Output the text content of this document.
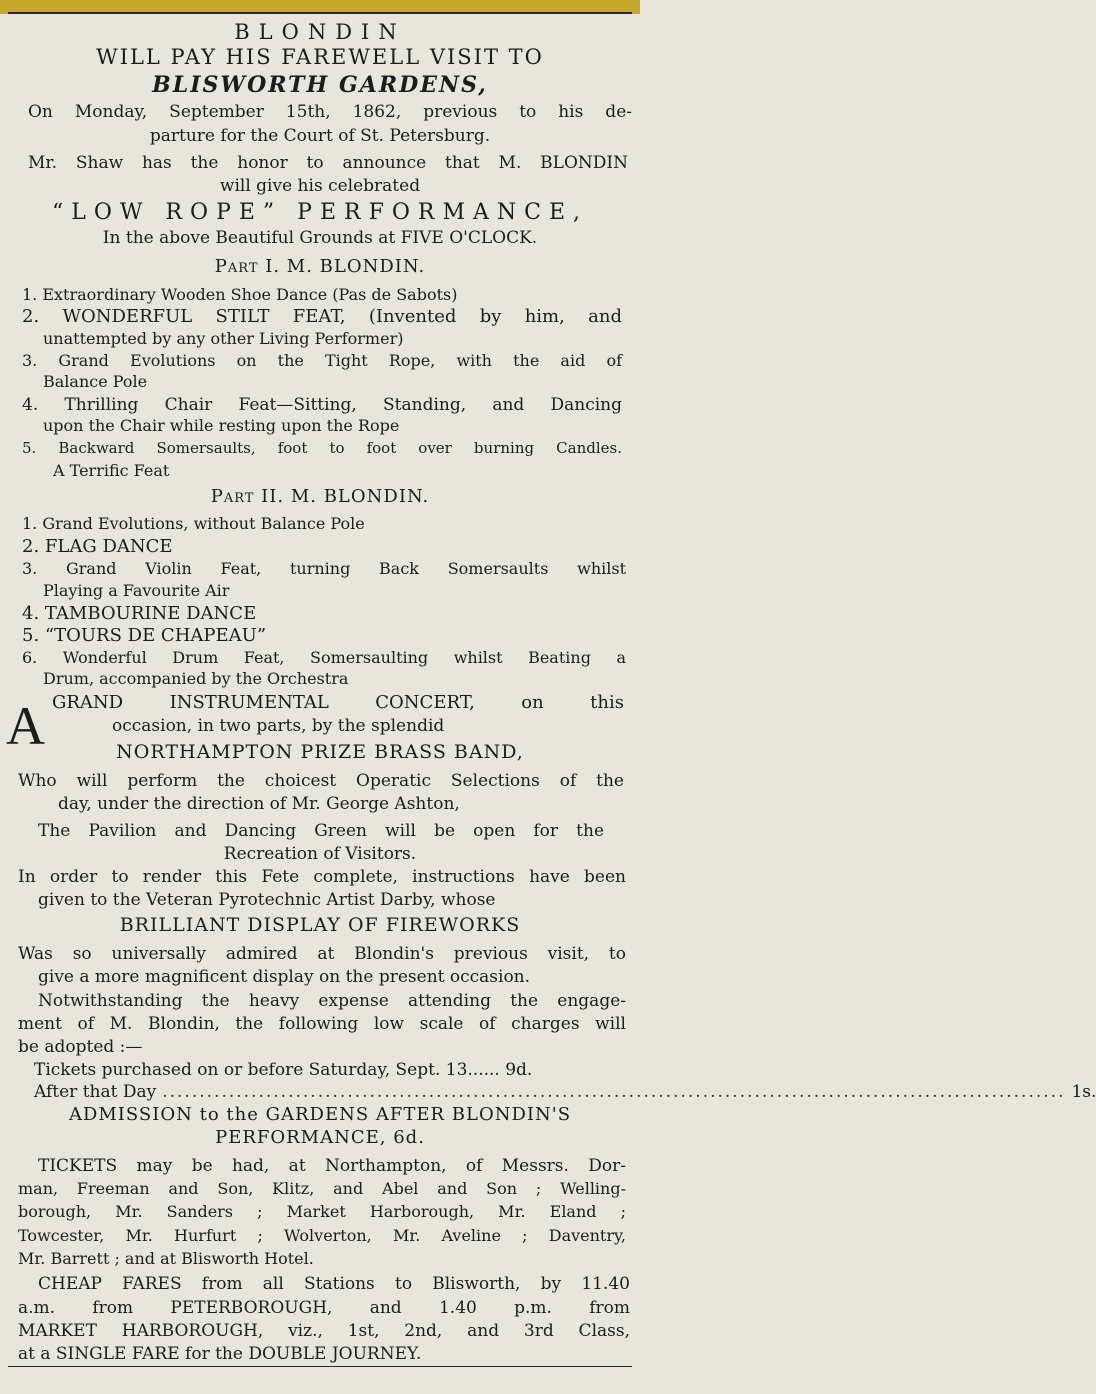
BLONDIN
WILL PAY HIS FAREWELL VISIT TO
BLISWORTH GARDENS,
On Monday, September 15th, 1862, previous to his de-
parture for the Court of St. Petersburg.
Mr. Shaw has the honor to announce that M. BLONDIN
will give his celebrated
“LOW ROPE” PERFORMANCE,
In the above Beautiful Grounds at FIVE O'CLOCK.
Part I. M. BLONDIN.
1. Extraordinary Wooden Shoe Dance (Pas de Sabots)
2. WONDERFUL STILT FEAT, (Invented by him, and
unattempted by any other Living Performer)
3. Grand Evolutions on the Tight Rope, with the aid of
Balance Pole
4. Thrilling Chair Feat—Sitting, Standing, and Dancing
upon the Chair while resting upon the Rope
5. Backward Somersaults, foot to foot over burning Candles.
A Terrific Feat
Part II. M. BLONDIN.
1. Grand Evolutions, without Balance Pole
2. FLAG DANCE
3. Grand Violin Feat, turning Back Somersaults whilst
Playing a Favourite Air
4. TAMBOURINE DANCE
5. “TOURS DE CHAPEAU”
6. Wonderful Drum Feat, Somersaulting whilst Beating a
Drum, accompanied by the Orchestra
A GRAND INSTRUMENTAL CONCERT, on this
occasion, in two parts, by the splendid
NORTHAMPTON PRIZE BRASS BAND,
Who will perform the choicest Operatic Selections of the
day, under the direction of Mr. George Ashton,
The Pavilion and Dancing Green will be open for the
Recreation of Visitors.
In order to render this Fete complete, instructions have been
given to the Veteran Pyrotechnic Artist Darby, whose
BRILLIANT DISPLAY OF FIREWORKS
Was so universally admired at Blondin's previous visit, to
give a more magnificent display on the present occasion.
Notwithstanding the heavy expense attending the engage-
ment of M. Blondin, the following low scale of charges will
be adopted :—
Tickets purchased on or before Saturday, Sept. 13...... 9d.
After that Day .......................................................................................................................... 1s.
ADMISSION to the GARDENS AFTER BLONDIN'S
PERFORMANCE, 6d.
TICKETS may be had, at Northampton, of Messrs. Dor-
man, Freeman and Son, Klitz, and Abel and Son ; Welling-
borough, Mr. Sanders ; Market Harborough, Mr. Eland ;
Towcester, Mr. Hurfurt ; Wolverton, Mr. Aveline ; Daventry,
Mr. Barrett ; and at Blisworth Hotel.
CHEAP FARES from all Stations to Blisworth, by 11.40
a.m. from PETERBOROUGH, and 1.40 p.m. from
MARKET HARBOROUGH, viz., 1st, 2nd, and 3rd Class,
at a SINGLE FARE for the DOUBLE JOURNEY.
